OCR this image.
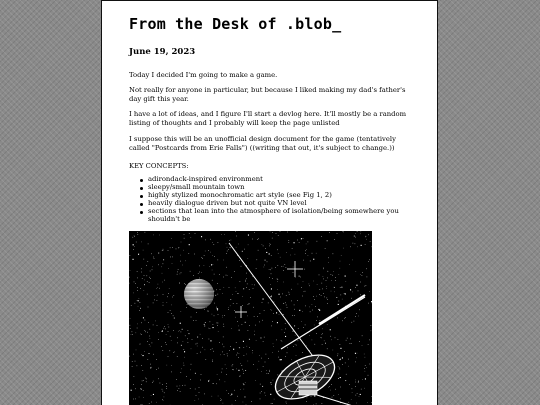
From the Desk of .blob_
June 19, 2023

Today I decided I'm going to make a game.

Not really for anyone in particular, but because I liked making my dad's father's day gift this year.

I have a lot of ideas, and I figure I'll start a devlog here. It'll mostly be a random listing of thoughts and I probably will keep the page unlisted

I suppose this will be an unofficial design document for the game (tentatively called "Postcards from Erie Falls") ((writing that out, it's subject to change.))

KEY CONCEPTS:
adirondack-inspired environment
sleepy/small mountain town
highly stylized monochromatic art style (see Fig 1, 2)
heavily dialogue driven but not quite VN level
sections that lean into the atmosphere of isolation/being somewhere you shouldn't be
